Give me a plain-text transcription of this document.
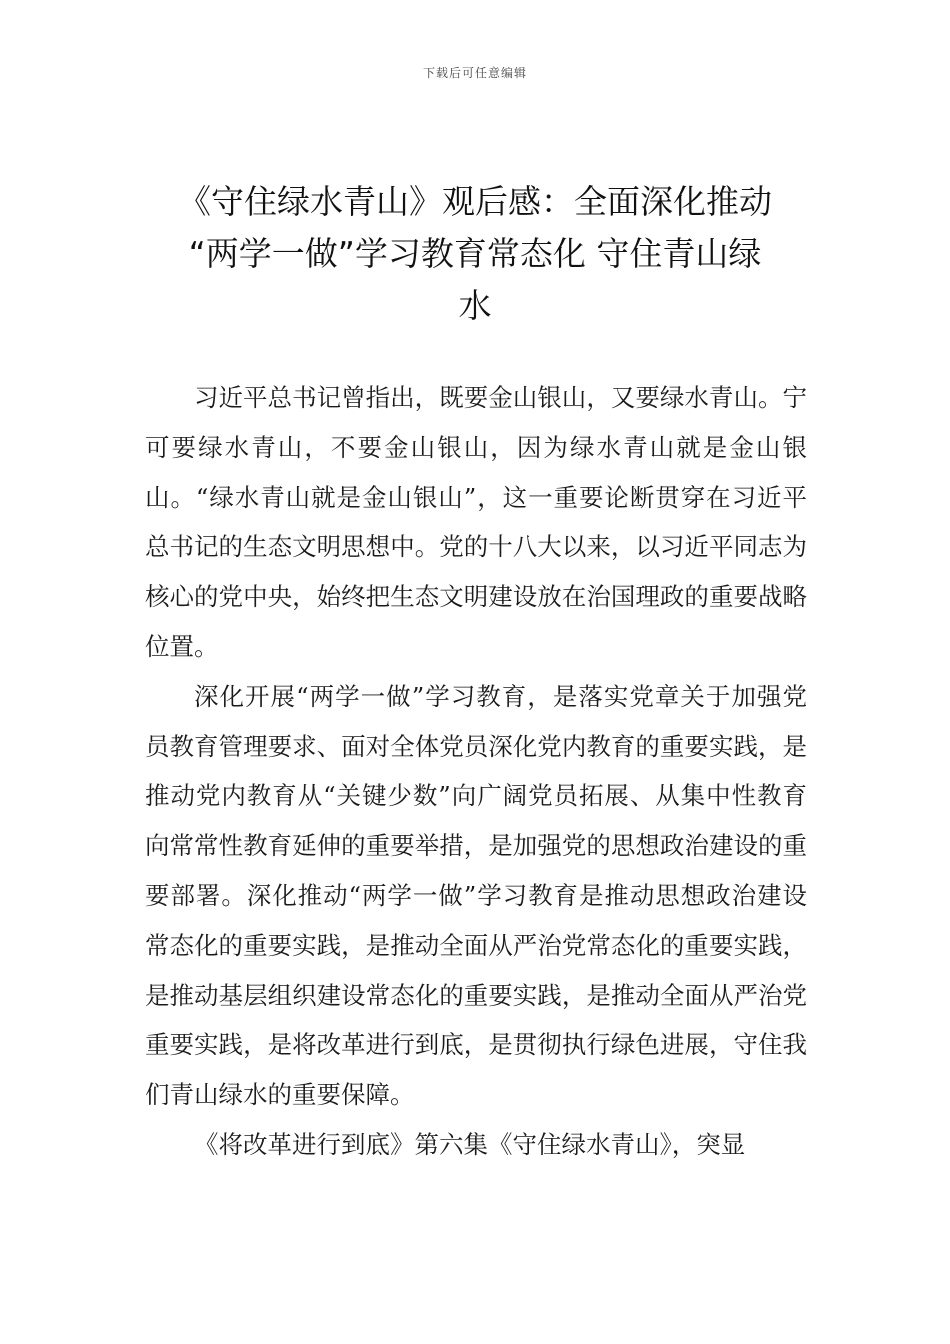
下载后可任意编辑
《守住绿水青山》观后感：全面深化推动
“两学一做”学习教育常态化 守住青山绿
水

习近平总书记曾指出，既要金山银山，又要绿水青山。宁可要绿水青山，不要金山银山，因为绿水青山就是金山银山。“绿水青山就是金山银山”，这一重要论断贯穿在习近平总书记的生态文明思想中。党的十八大以来，以习近平同志为核心的党中央，始终把生态文明建设放在治国理政的重要战略位置。

深化开展“两学一做”学习教育，是落实党章关于加强党员教育管理要求、面对全体党员深化党内教育的重要实践，是推动党内教育从“关键少数”向广阔党员拓展、从集中性教育向常常性教育延伸的重要举措，是加强党的思想政治建设的重要部署。深化推动“两学一做”学习教育是推动思想政治建设常态化的重要实践，是推动全面从严治党常态化的重要实践，是推动基层组织建设常态化的重要实践，是推动全面从严治党重要实践，是将改革进行到底，是贯彻执行绿色进展，守住我们青山绿水的重要保障。

《将改革进行到底》第六集《守住绿水青山》，突显
